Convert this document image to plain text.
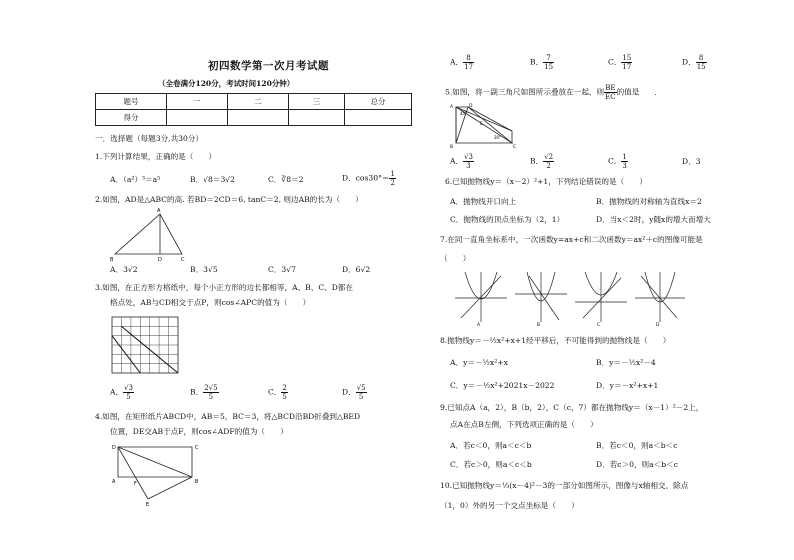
初四数学第一次月考试题
（全卷满分120分，考试时间120分钟）
题号	一	二	三	总分
得分				
一．选择题（每题3分,共30分）
1.下列计算结果，正确的是（　　）
A．（a²）³＝a⁵	B．√8＝3√2	C．∛8＝2	D．$\cos 30^\circ= \frac{1}{2}$
2.如图，AD是△ABC的高. 若BD＝2CD＝6, tanC＝2, 则边AB的长为（　　）
A
B	D	C
A．3√2	B．3√5	C．3√7	D．6√2
3.如图，在正方形方格纸中，每个小正方形的边长都相等，A、B、C、D都在
格点处，AB与CD相交于点P，则cos∠APC的值为（　　）
A． $\frac{√3}{5}$	B． $\frac{2√5}{5}$	C． $\frac{2}{5}$	D． $\frac{√5}{5}$
4.如图，在矩形纸片ABCD中，AB＝5，BC＝3，将△BCD沿BD折叠到△BED
位置，DE交AB于点F，则cos∠ADF的值为（　　）
D	C
A	F	B
E
A． $\frac{8}{17}$	B． $\frac{7}{15}$	C． $\frac{15}{17}$	D． $\frac{8}{15}$
5.如图，将一副三角尺如图所示叠放在一起，则 $\frac{BE}{EC}$ 的值是　　．
A	D
E
B	C
45°
30°
A． $\frac{√3}{3}$	B． $\frac{√2}{2}$	C． $\frac{1}{3}$	D．3
6.已知抛物线y＝（x－2）²+1，下列结论错误的是（　　）
A．抛物线开口向上	B．抛物线的对称轴为直线x＝2
C．抛物线的顶点坐标为（2，1）	D．当x＜2时，y随x的增大而增大
7.在同一直角坐标系中，一次函数y=ax+c和二次函数y＝ax²＋c的图像可能是
（　　）
A	B	C	D
8.抛物线y＝－½x²+x+1经平移后，不可能得到的抛物线是（　　）
A．y＝－½x²+x	B．y＝－½x²－4
C．y＝－½x²+2021x－2022	D．y＝－x²+x+1
9.已知点A（a，2），B（b，2），C（c，7）都在抛物线y＝（x－1）²－2上，
点A在点B左侧，下列选项正确的是（　　）
A．若c＜0，则a＜c＜b	B．若c＜0，则a＜b＜c
C．若c＞0，则a＜c＜b	D．若c＞0，则a＜b＜c
10.已知抛物线y＝⅓(x－4)²－3的一部分如图所示，图像与x轴相交，除点
（1，0）外的另一个交点坐标是（　　）
